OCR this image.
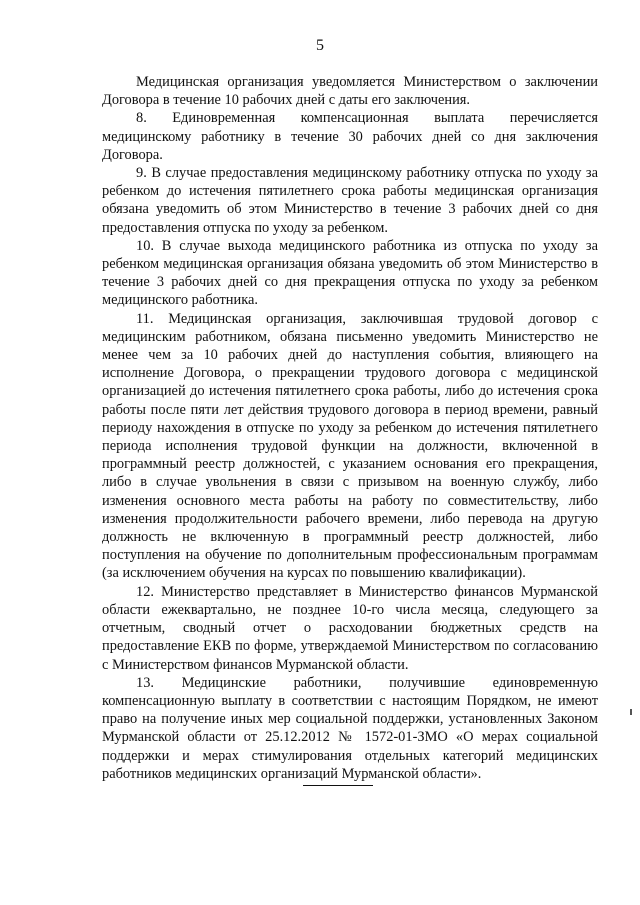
5

Медицинская организация уведомляется Министерством о заключении Договора в течение 10 рабочих дней с даты его заключения.

8. Единовременная компенсационная выплата перечисляется медицинскому работнику в течение 30 рабочих дней со дня заключения Договора.

9. В случае предоставления медицинскому работнику отпуска по уходу за ребенком до истечения пятилетнего срока работы медицинская организация обязана уведомить об этом Министерство в течение 3 рабочих дней со дня предоставления отпуска по уходу за ребенком.

10. В случае выхода медицинского работника из отпуска по уходу за ребенком медицинская организация обязана уведомить об этом Министерство в течение 3 рабочих дней со дня прекращения отпуска по уходу за ребенком медицинского работника.

11. Медицинская организация, заключившая трудовой договор с медицинским работником, обязана письменно уведомить Министерство не менее чем за 10 рабочих дней до наступления события, влияющего на исполнение Договора, о прекращении трудового договора с медицинской организацией до истечения пятилетнего срока работы, либо до истечения срока работы после пяти лет действия трудового договора в период времени, равный периоду нахождения в отпуске по уходу за ребенком до истечения пятилетнего периода исполнения трудовой функции на должности, включенной в программный реестр должностей, с указанием основания его прекращения, либо в случае увольнения в связи с призывом на военную службу, либо изменения основного места работы на работу по совместительству, либо изменения продолжительности рабочего времени, либо перевода на другую должность не включенную в программный реестр должностей, либо поступления на обучение по дополнительным профессиональным программам (за исключением обучения на курсах по повышению квалификации).

12. Министерство представляет в Министерство финансов Мурманской области ежеквартально, не позднее 10-го числа месяца, следующего за отчетным, сводный отчет о расходовании бюджетных средств на предоставление ЕКВ по форме, утверждаемой Министерством по согласованию с Министерством финансов Мурманской области.

13. Медицинские работники, получившие единовременную компенсационную выплату в соответствии с настоящим Порядком, не имеют право на получение иных мер социальной поддержки, установленных Законом Мурманской области от 25.12.2012 № 1572-01-ЗМО «О мерах социальной поддержки и мерах стимулирования отдельных категорий медицинских работников медицинских организаций Мурманской области».
